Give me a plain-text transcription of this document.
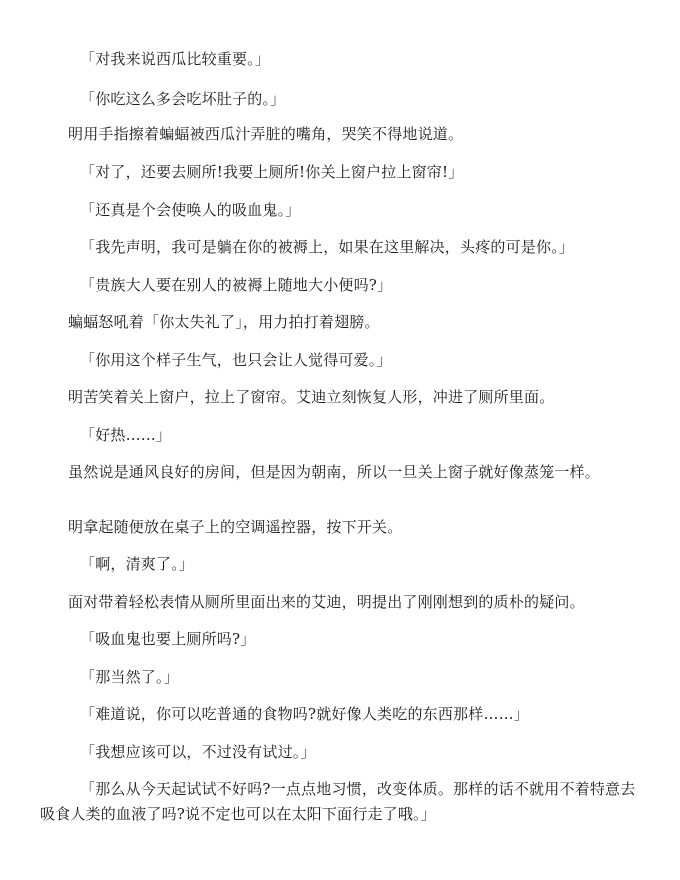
「对我来说西瓜比较重要。」

「你吃这么多会吃坏肚子的。」

明用手指擦着蝙蝠被西瓜汁弄脏的嘴角，哭笑不得地说道。

「对了，还要去厕所!我要上厕所!你关上窗户拉上窗帘!」

「还真是个会使唤人的吸血鬼。」

「我先声明，我可是躺在你的被褥上，如果在这里解决，头疼的可是你。」

「贵族大人要在别人的被褥上随地大小便吗?」

蝙蝠怒吼着「你太失礼了」，用力拍打着翅膀。

「你用这个样子生气，也只会让人觉得可爱。」

明苦笑着关上窗户，拉上了窗帘。艾迪立刻恢复人形，冲进了厕所里面。

「好热……」

虽然说是通风良好的房间，但是因为朝南，所以一旦关上窗子就好像蒸笼一样。

明拿起随便放在桌子上的空调遥控器，按下开关。

「啊，清爽了。」

面对带着轻松表情从厕所里面出来的艾迪，明提出了刚刚想到的质朴的疑问。

「吸血鬼也要上厕所吗?」

「那当然了。」

「难道说，你可以吃普通的食物吗?就好像人类吃的东西那样……」

「我想应该可以，不过没有试过。」

「那么从今天起试试不好吗?一点点地习惯，改变体质。那样的话不就用不着特意去吸食人类的血液了吗?说不定也可以在太阳下面行走了哦。」
